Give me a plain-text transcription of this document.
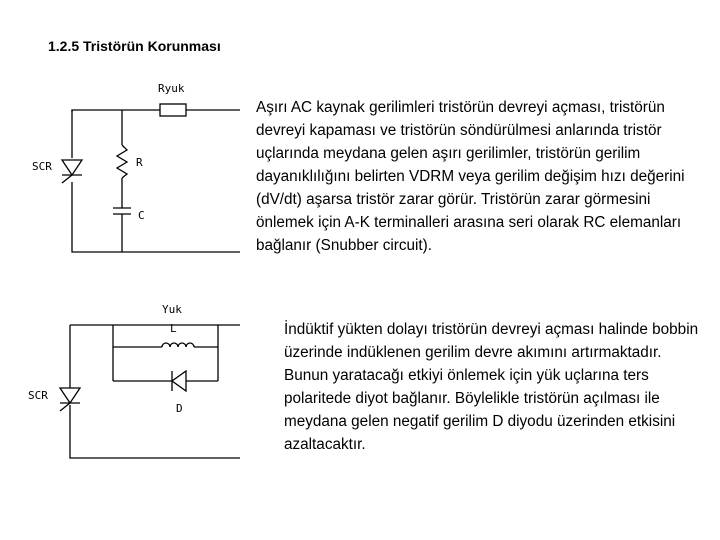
1.2.5 Tristörün Korunması

Aşırı AC kaynak gerilimleri tristörün devreyi açması, tristörün devreyi kapaması ve tristörün söndürülmesi anlarında tristör uçlarında meydana gelen aşırı gerilimler, tristörün gerilim dayanıklılığını belirten VDRM veya gerilim değişim hızı değerini (dV/dt) aşarsa tristör zarar görür. Tristörün zarar görmesini önlemek için A-K terminalleri arasına seri olarak RC elemanları bağlanır (Snubber circuit).

İndüktif yükten dolayı tristörün devreyi açması halinde bobbin üzerinde indüklenen gerilim devre akımını artırmaktadır. Bunun yaratacağı etkiyi önlemek için yük uçlarına ters polaritede diyot bağlanır. Böylelikle tristörün açılması ile meydana gelen negatif gerilim D diyodu üzerinden etkisini azaltacaktır.

Ryuk
SCR	R
C
Yuk
L
SCR
D
